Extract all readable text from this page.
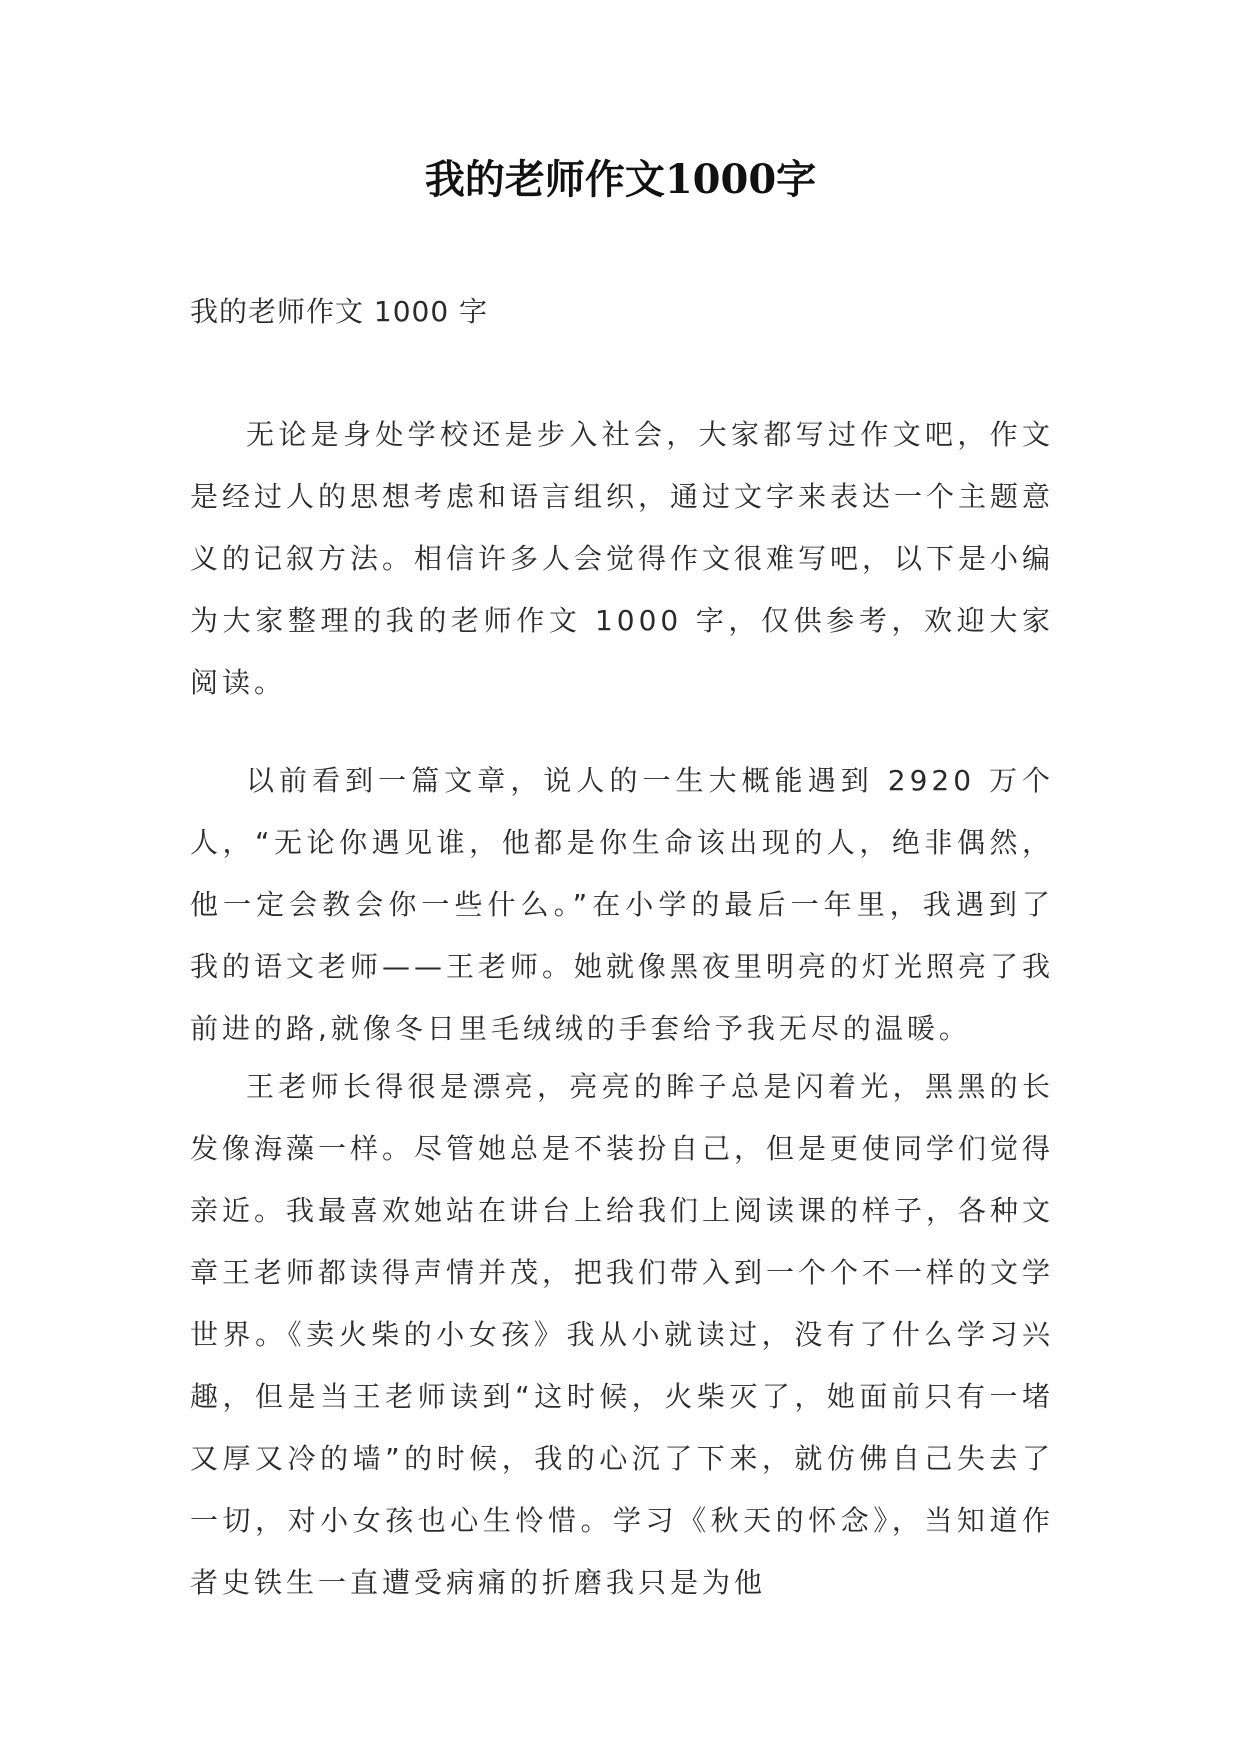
我的老师作文1000字

我的老师作文 1000 字

无论是身处学校还是步入社会，大家都写过作文吧，作文是经过人的思想考虑和语言组织，通过文字来表达一个主题意义的记叙方法。相信许多人会觉得作文很难写吧，以下是小编为大家整理的我的老师作文 1000 字，仅供参考，欢迎大家阅读。

以前看到一篇文章，说人的一生大概能遇到 2920 万个人，“无论你遇见谁，他都是你生命该出现的人，绝非偶然，他一定会教会你一些什么。”在小学的最后一年里，我遇到了我的语文老师——王老师。她就像黑夜里明亮的灯光照亮了我前进的路,就像冬日里毛绒绒的手套给予我无尽的温暖。

王老师长得很是漂亮，亮亮的眸子总是闪着光，黑黑的长发像海藻一样。尽管她总是不装扮自己，但是更使同学们觉得亲近。我最喜欢她站在讲台上给我们上阅读课的样子，各种文章王老师都读得声情并茂，把我们带入到一个个不一样的文学世界。《卖火柴的小女孩》我从小就读过，没有了什么学习兴趣，但是当王老师读到“这时候，火柴灭了，她面前只有一堵又厚又冷的墙”的时候，我的心沉了下来，就仿佛自己失去了一切，对小女孩也心生怜惜。学习《秋天的怀念》，当知道作者史铁生一直遭受病痛的折磨我只是为他
